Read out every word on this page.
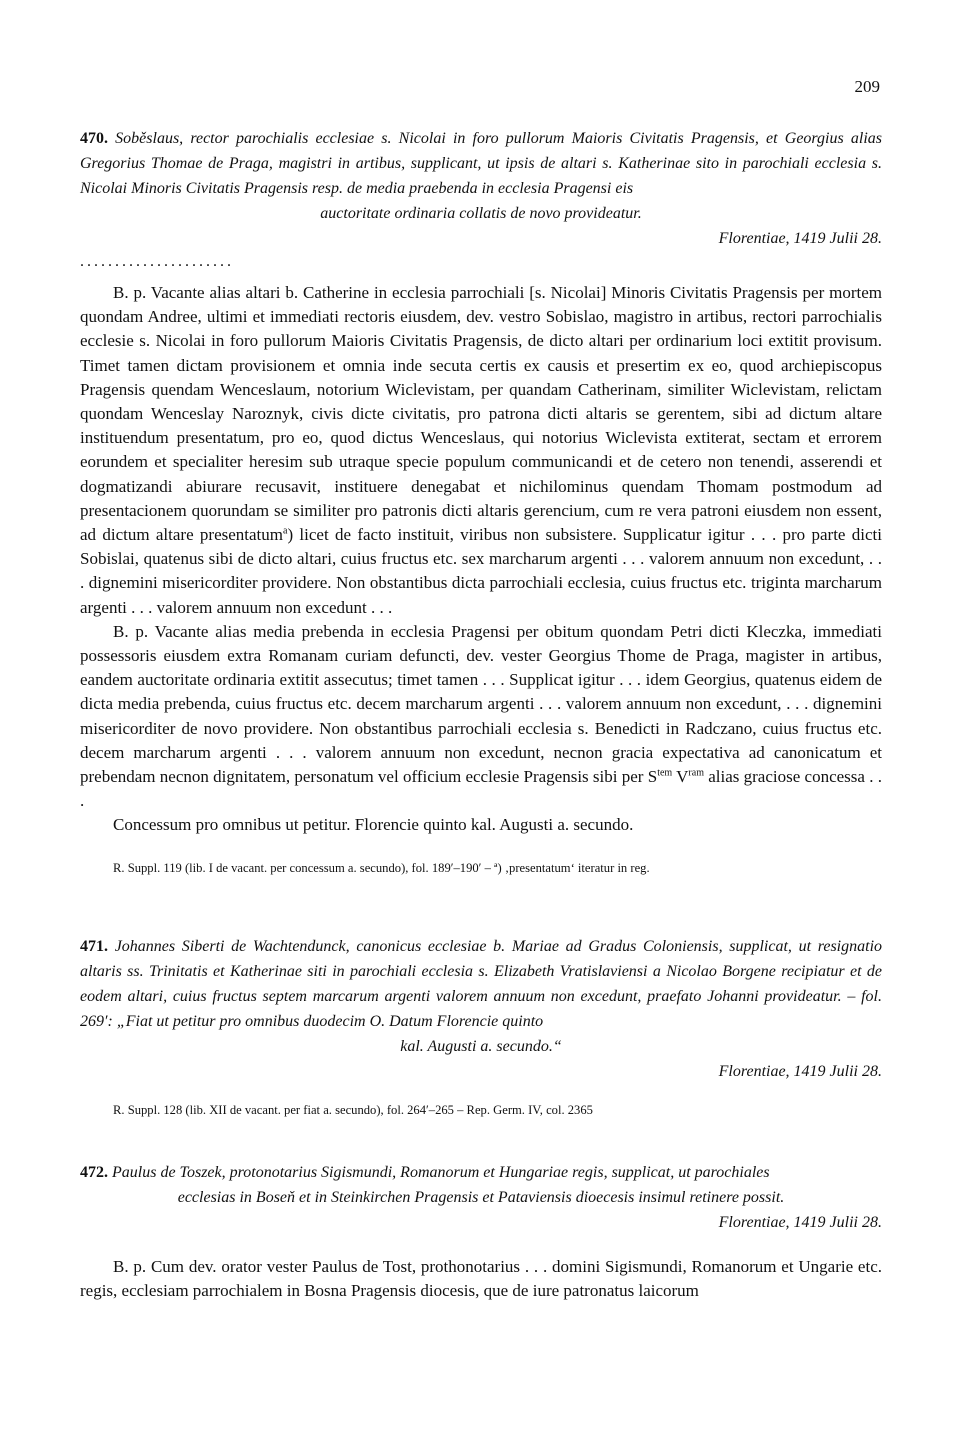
209

470. Soběslaus, rector parochialis ecclesiae s. Nicolai in foro pullorum Maioris Civitatis Pragensis, et Georgius alias Gregorius Thomae de Praga, magistri in artibus, supplicant, ut ipsis de altari s. Katherinae sito in parochiali ecclesia s. Nicolai Minoris Civitatis Pragensis resp. de media praebenda in ecclesia Pragensi eis

auctoritate ordinaria collatis de novo provideatur.

Florentiae, 1419 Julii 28.

......................

B. p. Vacante alias altari b. Catherine in ecclesia parrochiali [s. Nicolai] Minoris Civitatis Pragensis per mortem quondam Andree, ultimi et immediati rectoris eiusdem, dev. vestro Sobislao, magistro in artibus, rectori parrochialis ecclesie s. Nicolai in foro pullorum Maioris Civitatis Pragensis, de dicto altari per ordinarium loci extitit provisum. Timet tamen dictam provisionem et omnia inde secuta certis ex causis et presertim ex eo, quod archiepiscopus Pragensis quendam Wenceslaum, notorium Wiclevistam, per quandam Catherinam, similiter Wiclevistam, relictam quondam Wenceslay Naroznyk, civis dicte civitatis, pro patrona dicti altaris se gerentem, sibi ad dictum altare instituendum presentatum, pro eo, quod dictus Wenceslaus, qui notorius Wiclevista extiterat, sectam et errorem eorundem et specialiter heresim sub utraque specie populum communicandi et de cetero non tenendi, asserendi et dogmatizandi abiurare recusavit, instituere denegabat et nichilominus quendam Thomam postmodum ad presentacionem quorundam se similiter pro patronis dicti altaris gerencium, cum re vera patroni eiusdem non essent, ad dictum altare presentatum$^a$) licet de facto instituit, viribus non subsistere. Supplicatur igitur . . . pro parte dicti Sobislai, quatenus sibi de dicto altari, cuius fructus etc. sex marcharum argenti . . . valorem annuum non excedunt, . . . dignemini misericorditer providere. Non obstantibus dicta parrochiali ecclesia, cuius fructus etc. triginta marcharum argenti . . . valorem annuum non excedunt . . .

B. p. Vacante alias media prebenda in ecclesia Pragensi per obitum quondam Petri dicti Kleczka, immediati possessoris eiusdem extra Romanam curiam defuncti, dev. vester Georgius Thome de Praga, magister in artibus, eandem auctoritate ordinaria extitit assecutus; timet tamen . . . Supplicat igitur . . . idem Georgius, quatenus eidem de dicta media prebenda, cuius fructus etc. decem marcharum argenti . . . valorem annuum non excedunt, . . . dignemini misericorditer de novo providere. Non obstantibus parrochiali ecclesia s. Benedicti in Radczano, cuius fructus etc. decem marcharum argenti . . . valorem annuum non excedunt, necnon gracia expectativa ad canonicatum et prebendam necnon dignitatem, personatum vel officium ecclesie Pragensis sibi per $S^{tem}$ $V^{ram}$ alias graciose concessa . . .

Concessum pro omnibus ut petitur. Florencie quinto kal. Augusti a. secundo.

R. Suppl. 119 (lib. I de vacant. per concessum a. secundo), fol. 189′–190′ – ª) ‚presentatum‘ iteratur in reg.

471. Johannes Siberti de Wachtendunck, canonicus ecclesiae b. Mariae ad Gradus Coloniensis, supplicat, ut resignatio altaris ss. Trinitatis et Katherinae siti in parochiali ecclesia s. Elizabeth Vratislaviensi a Nicolao Borgene recipiatur et de eodem altari, cuius fructus septem marcarum argenti valorem annuum non excedunt, praefato Johanni provideatur. – fol. 269′: „Fiat ut petitur pro omnibus duodecim O. Datum Florencie quinto

kal. Augusti a. secundo.“

Florentiae, 1419 Julii 28.

R. Suppl. 128 (lib. XII de vacant. per fiat a. secundo), fol. 264′–265 – Rep. Germ. IV, col. 2365

472. Paulus de Toszek, protonotarius Sigismundi, Romanorum et Hungariae regis, supplicat, ut parochiales

ecclesias in Boseň et in Steinkirchen Pragensis et Pataviensis dioecesis insimul retinere possit.

Florentiae, 1419 Julii 28.

B. p. Cum dev. orator vester Paulus de Tost, prothonotarius . . . domini Sigismundi, Romanorum et Ungarie etc. regis, ecclesiam parrochialem in Bosna Pragensis diocesis, que de iure patronatus laicorum
